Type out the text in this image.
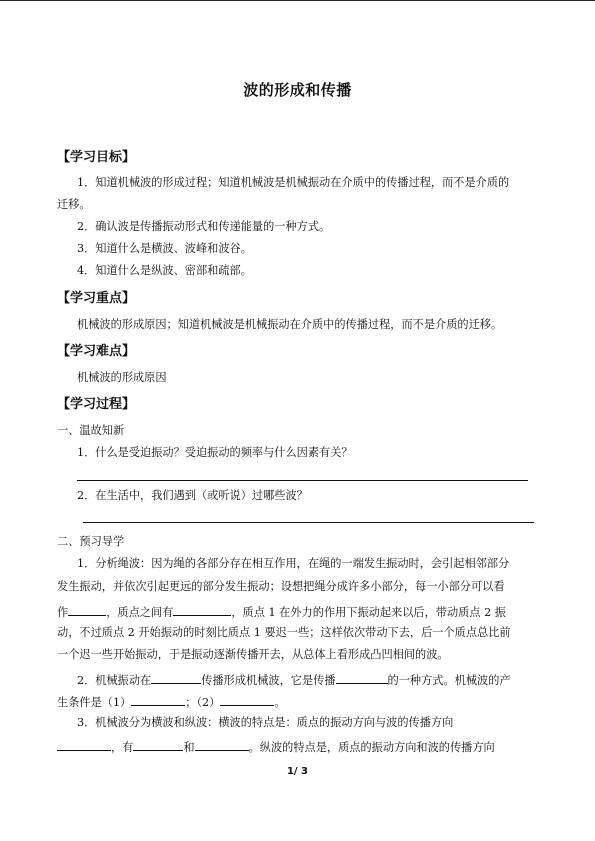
波的形成和传播
【学习目标】
1．知道机械波的形成过程；知道机械波是机械振动在介质中的传播过程，而不是介质的
迁移。
2．确认波是传播振动形式和传递能量的一种方式。
3．知道什么是横波、波峰和波谷。
4．知道什么是纵波、密部和疏部。
【学习重点】
机械波的形成原因；知道机械波是机械振动在介质中的传播过程，而不是介质的迁移。
【学习难点】
机械波的形成原因
【学习过程】
一、温故知新
1．什么是受迫振动？受迫振动的频率与什么因素有关？
2．在生活中，我们遇到（或听说）过哪些波？
二、预习导学
1．分析绳波：因为绳的各部分存在相互作用，在绳的一端发生振动时，会引起相邻部分
发生振动，并依次引起更远的部分发生振动；设想把绳分成许多小部分，每一小部分可以看
作	，质点之间有	，质点 1 在外力的作用下振动起来以后，带动质点 2 振
动，不过质点 2 开始振动的时刻比质点 1 要迟一些；这样依次带动下去，后一个质点总比前
一个迟一些开始振动，于是振动逐渐传播开去，从总体上看形成凸凹相间的波。
2．机械振动在	传播形成机械波，它是传播	的一种方式。机械波的产
生条件是（1）	；（2）	。
3．机械波分为横波和纵波：横波的特点是：质点的振动方向与波的传播方向
，有	和	。纵波的特点是，质点的振动方向和波的传播方向
1/ 3
